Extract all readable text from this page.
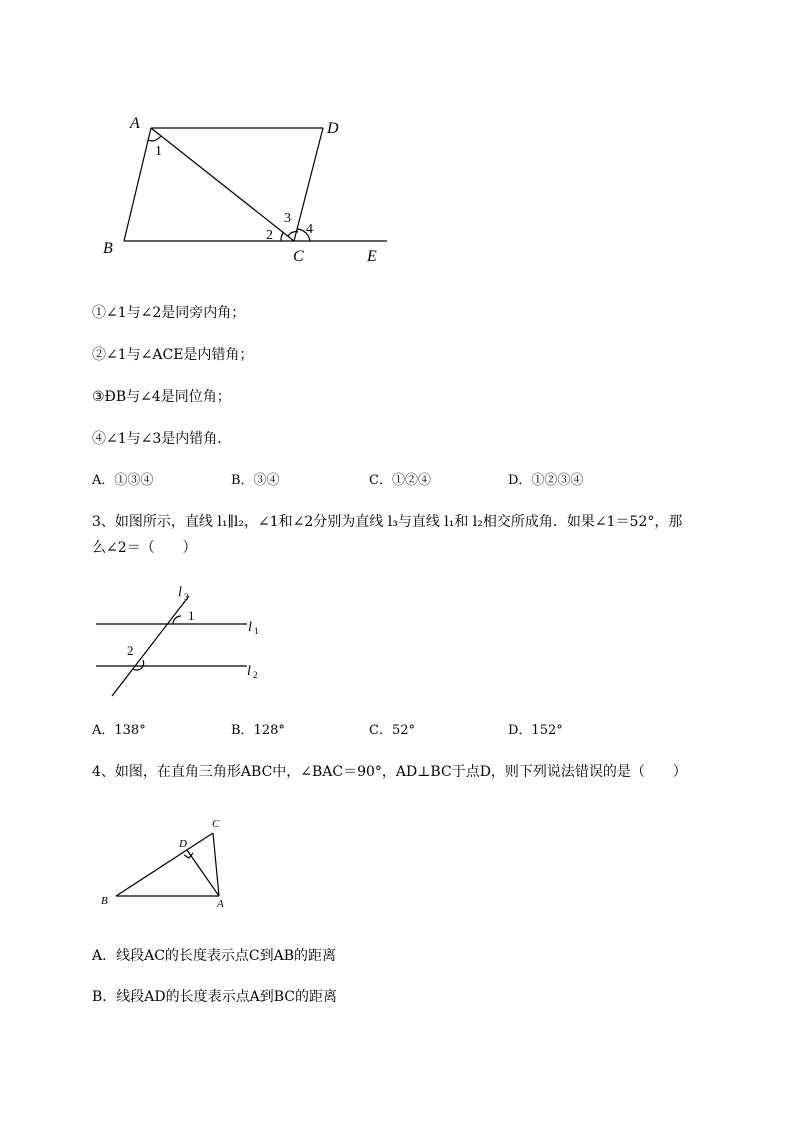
A	D
B	C	E
1
2
3
4
①∠1与∠2是同旁内角；
②∠1与∠ACE是内错角；
③ÐB与∠4是同位角；
④∠1与∠3是内错角．
A．①③④	B．③④	C．①②④	D．①②③④
3、如图所示，直线 l₁∥l₂，∠1和∠2分别为直线 l₃与直线 l₁和 l₂相交所成角．如果∠1＝52°，那
么∠2＝（　　）
l 3
l 1
l 2
1
2
A．138°	B．128°	C．52°	D．152°
4、如图，在直角三角形ABC中，∠BAC＝90°，AD⊥BC于点D，则下列说法错误的是（　　）
C
D
B	A
A．线段AC的长度表示点C到AB的距离
B．线段AD的长度表示点A到BC的距离
